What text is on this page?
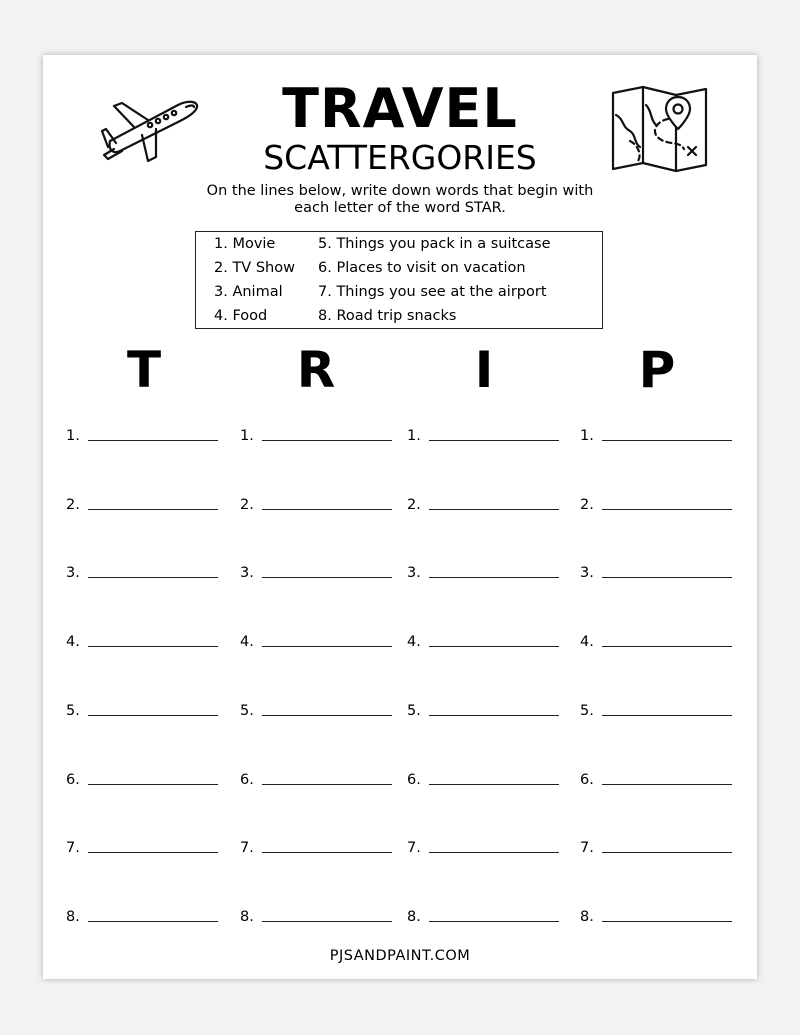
TRAVEL
SCATTERGORIES
On the lines below, write down words that begin with
each letter of the word STAR.
1. Movie
2. TV Show
3. Animal
4. Food
5. Things you pack in a suitcase
6. Places to visit on vacation
7. Things you see at the airport
8. Road trip snacks
T	R	I	P
1.	1.	1.	1.
2.	2.	2.	2.
3.	3.	3.	3.
4.	4.	4.	4.
5.	5.	5.	5.
6.	6.	6.	6.
7.	7.	7.	7.
8.	8.	8.	8.
PJSANDPAINT.COM
